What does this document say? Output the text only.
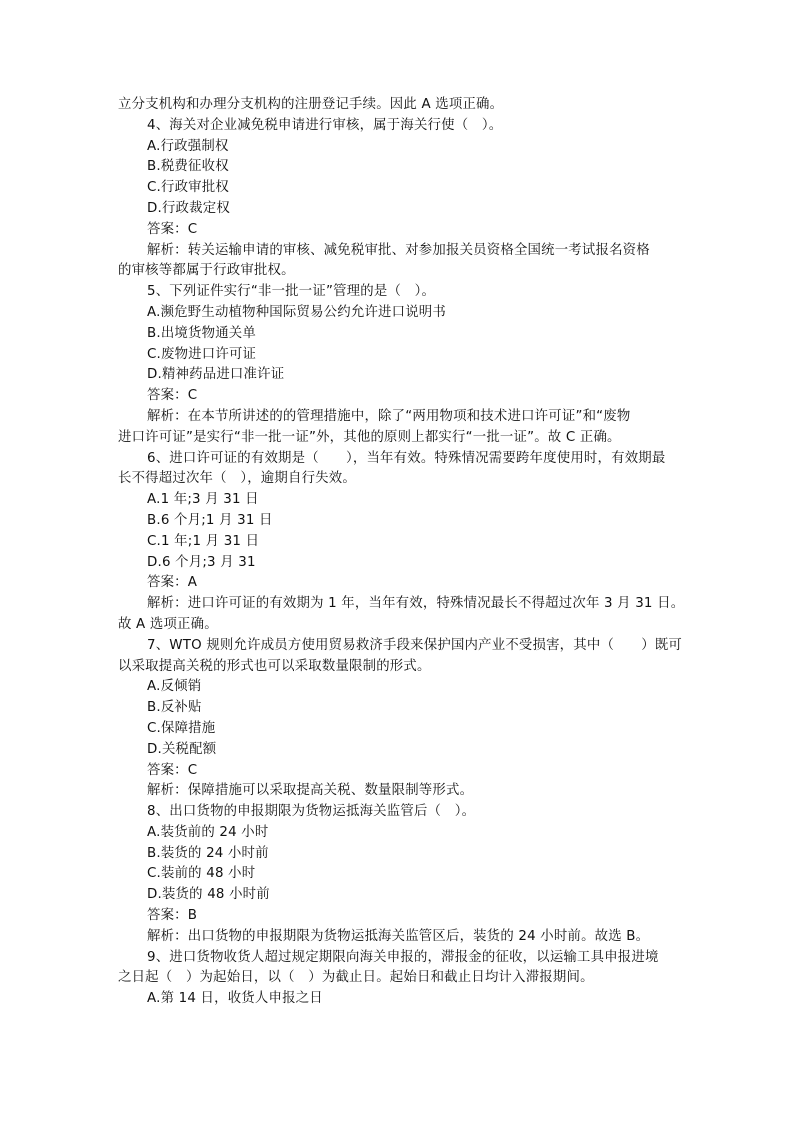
立分支机构和办理分支机构的注册登记手续。因此 A 选项正确。
4、海关对企业减免税申请进行审核，属于海关行使（　）。
A.行政强制权
B.税费征收权
C.行政审批权
D.行政裁定权
答案：C
解析：转关运输申请的审核、减免税审批、对参加报关员资格全国统一考试报名资格
的审核等都属于行政审批权。
5、下列证件实行“非一批一证”管理的是（　）。
A.濒危野生动植物种国际贸易公约允许进口说明书
B.出境货物通关单
C.废物进口许可证
D.精神药品进口准许证
答案：C
解析：在本节所讲述的的管理措施中，除了“两用物项和技术进口许可证”和“废物
进口许可证”是实行“非一批一证”外，其他的原则上都实行“一批一证”。故 C 正确。
6、进口许可证的有效期是（　　），当年有效。特殊情况需要跨年度使用时，有效期最
长不得超过次年（　），逾期自行失效。
A.1 年;3 月 31 日
B.6 个月;1 月 31 日
C.1 年;1 月 31 日
D.6 个月;3 月 31
答案：A
解析：进口许可证的有效期为 1 年，当年有效，特殊情况最长不得超过次年 3 月 31 日。
故 A 选项正确。
7、WTO 规则允许成员方使用贸易救济手段来保护国内产业不受损害，其中（　　）既可
以采取提高关税的形式也可以采取数量限制的形式。
A.反倾销
B.反补贴
C.保障措施
D.关税配额
答案：C
解析：保障措施可以采取提高关税、数量限制等形式。
8、出口货物的申报期限为货物运抵海关监管后（　）。
A.装货前的 24 小时
B.装货的 24 小时前
C.装前的 48 小时
D.装货的 48 小时前
答案：B
解析：出口货物的申报期限为货物运抵海关监管区后，装货的 24 小时前。故选 B。
9、进口货物收货人超过规定期限向海关申报的，滞报金的征收，以运输工具申报进境
之日起（　）为起始日，以（　）为截止日。起始日和截止日均计入滞报期间。
A.第 14 日，收货人申报之日
